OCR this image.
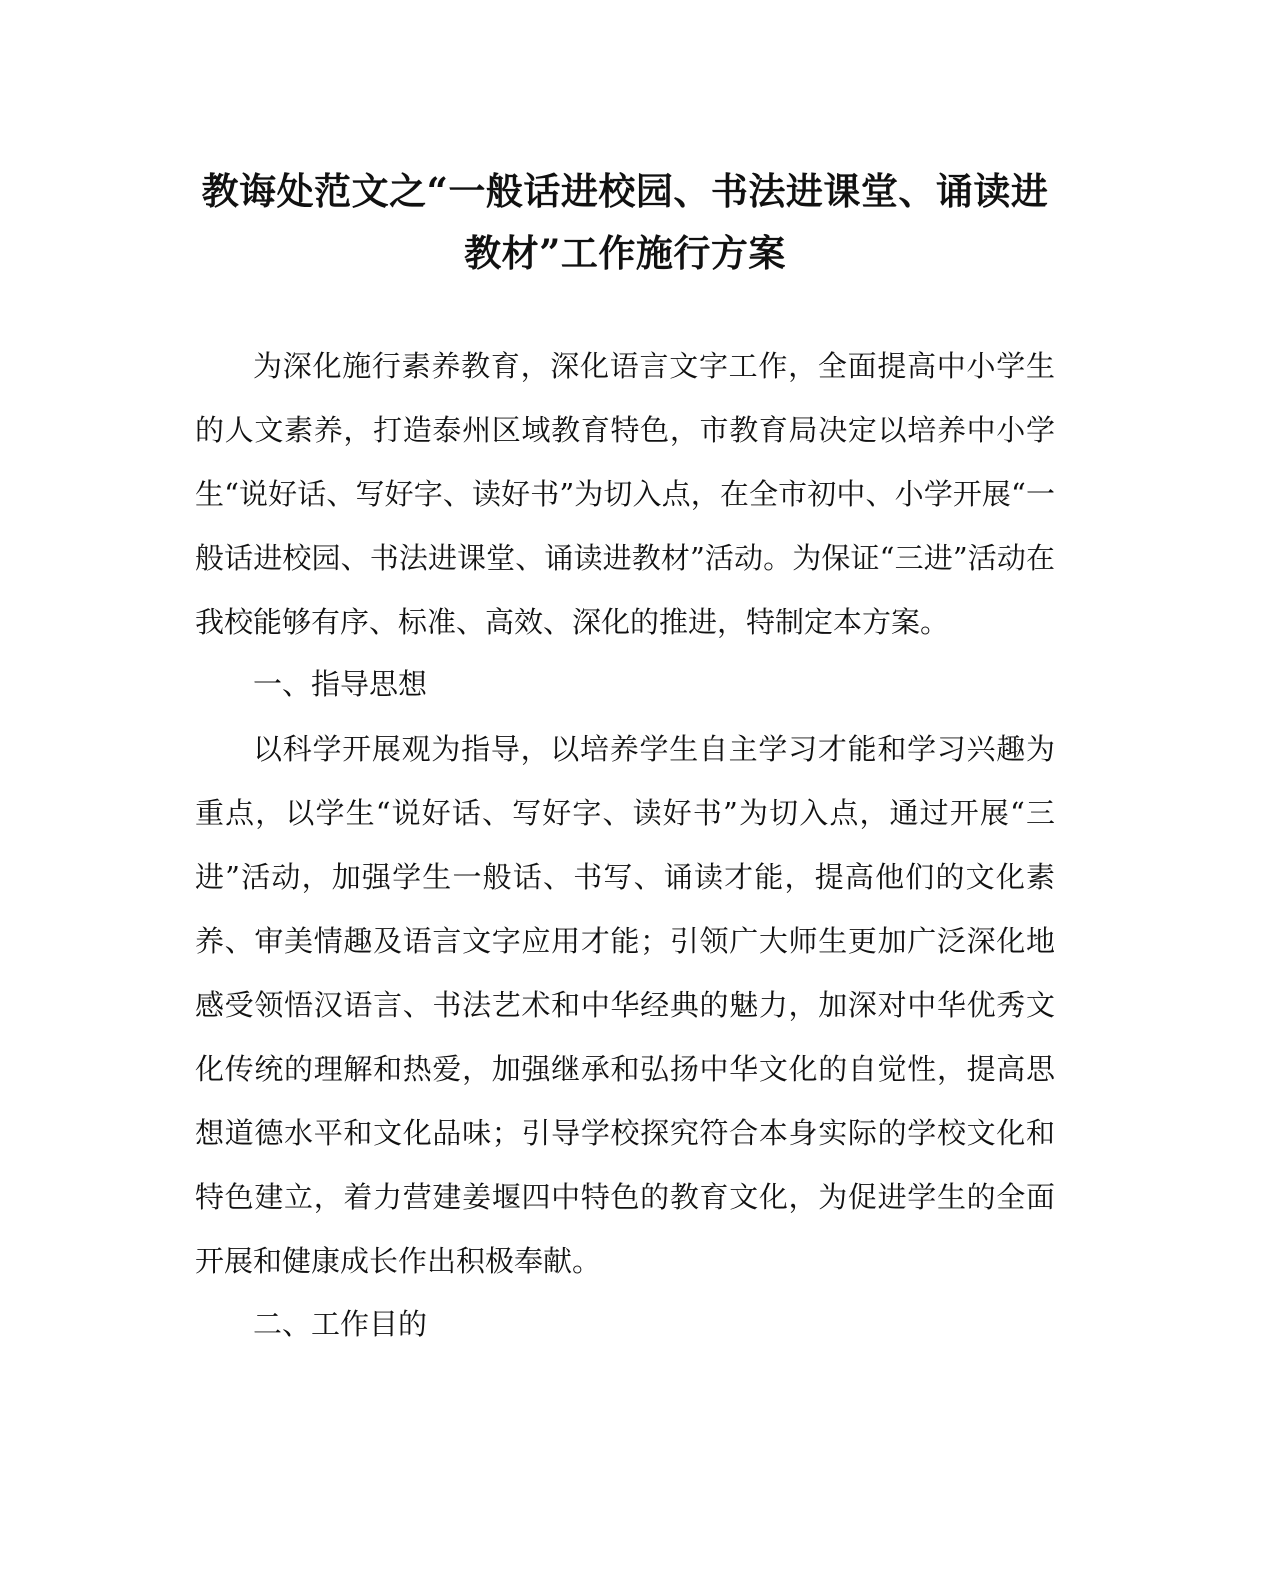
教诲处范文之“一般话进校园、书法进课堂、诵读进
教材”工作施行方案

为深化施行素养教育，深化语言文字工作，全面提高中小学生的人文素养，打造泰州区域教育特色，市教育局决定以培养中小学生“说好话、写好字、读好书”为切入点，在全市初中、小学开展“一般话进校园、书法进课堂、诵读进教材”活动。为保证“三进”活动在我校能够有序、标准、高效、深化的推进，特制定本方案。

一、指导思想

以科学开展观为指导，以培养学生自主学习才能和学习兴趣为重点，以学生“说好话、写好字、读好书”为切入点，通过开展“三进”活动，加强学生一般话、书写、诵读才能，提高他们的文化素养、审美情趣及语言文字应用才能；引领广大师生更加广泛深化地感受领悟汉语言、书法艺术和中华经典的魅力，加深对中华优秀文化传统的理解和热爱，加强继承和弘扬中华文化的自觉性，提高思想道德水平和文化品味；引导学校探究符合本身实际的学校文化和特色建立，着力营建姜堰四中特色的教育文化，为促进学生的全面开展和健康成长作出积极奉献。

二、工作目的
